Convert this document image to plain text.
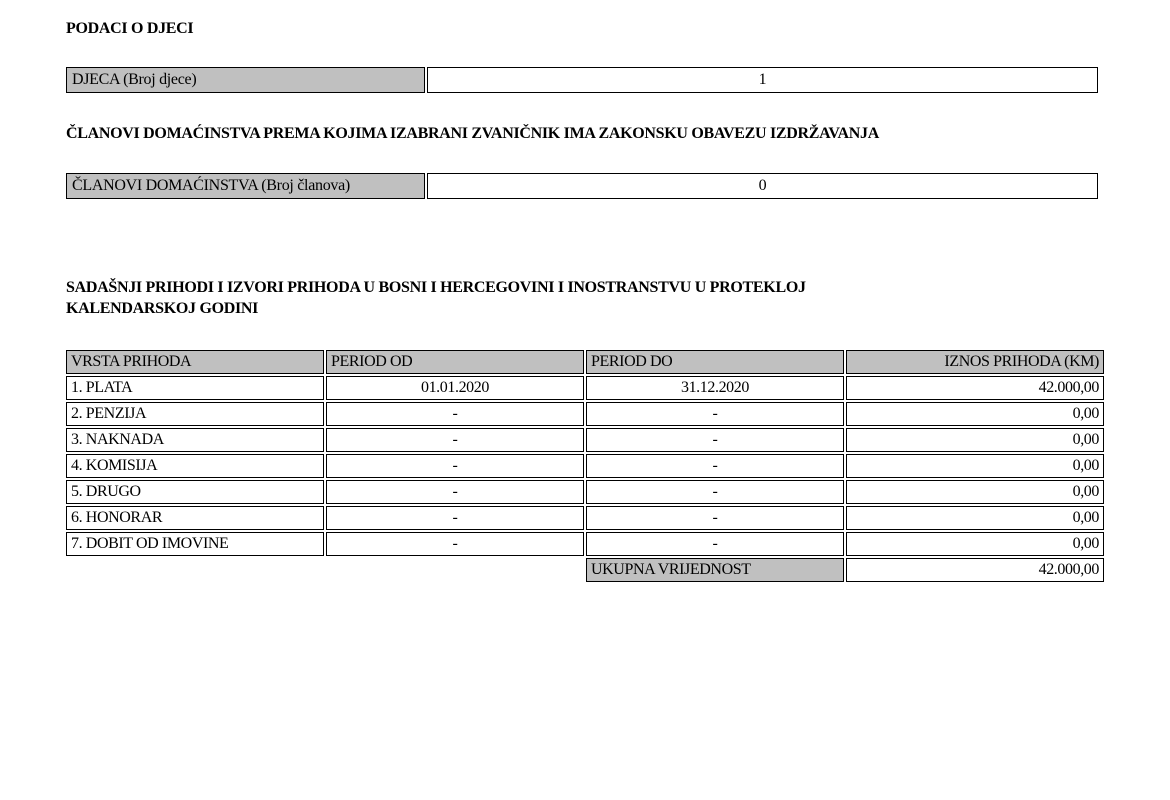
PODACI O DJECI
DJECA (Broj djece)	1
ČLANOVI DOMAĆINSTVA PREMA KOJIMA IZABRANI ZVANIČNIK IMA ZAKONSKU OBAVEZU IZDRŽAVANJA
ČLANOVI DOMAĆINSTVA (Broj članova)	0
SADAŠNJI PRIHODI I IZVORI PRIHODA U BOSNI I HERCEGOVINI I INOSTRANSTVU U PROTEKLOJ
KALENDARSKOJ GODINI
VRSTA PRIHODA	PERIOD OD	PERIOD DO	IZNOS PRIHODA (KM)
1. PLATA	01.01.2020	31.12.2020	42.000,00
2. PENZIJA	-	-	0,00
3. NAKNADA	-	-	0,00
4. KOMISIJA	-	-	0,00
5. DRUGO	-	-	0,00
6. HONORAR	-	-	0,00
7. DOBIT OD IMOVINE	-	-	0,00
		UKUPNA VRIJEDNOST	42.000,00
